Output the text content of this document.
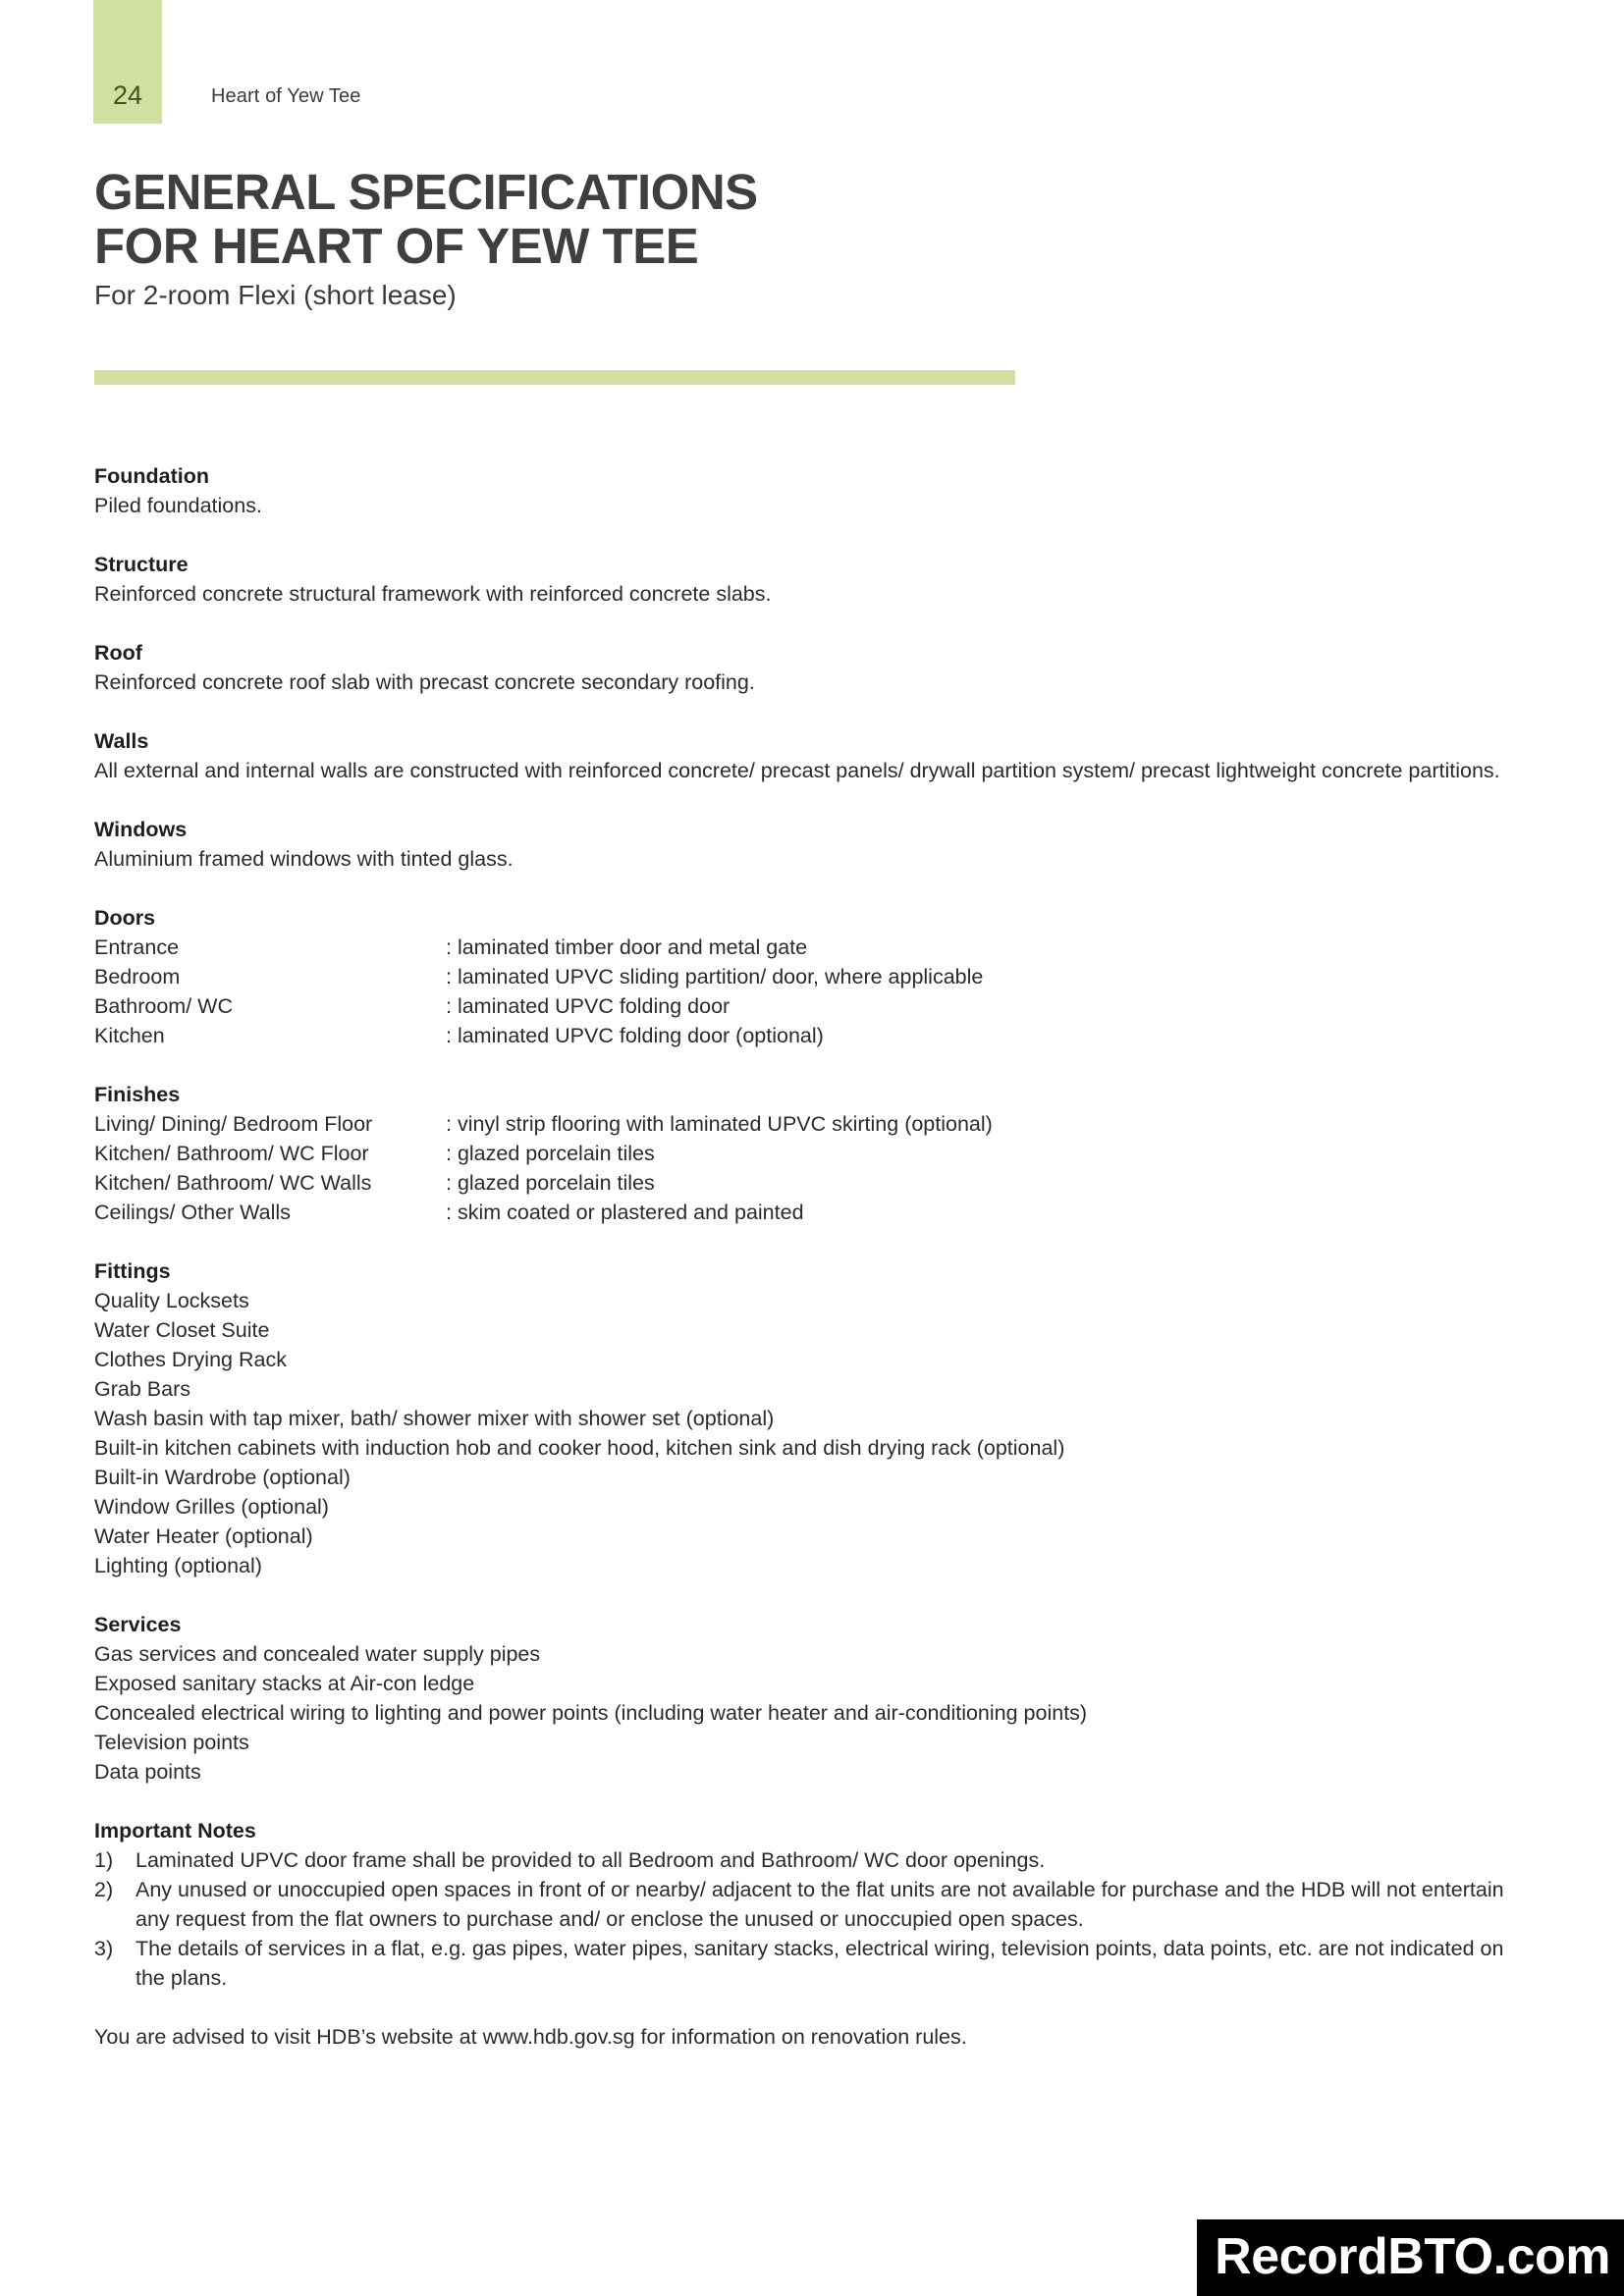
24	Heart of Yew Tee
GENERAL SPECIFICATIONS
FOR HEART OF YEW TEE

For 2-room Flexi (short lease)

Foundation
Piled foundations.
Structure
Reinforced concrete structural framework with reinforced concrete slabs.
Roof
Reinforced concrete roof slab with precast concrete secondary roofing.
Walls
All external and internal walls are constructed with reinforced concrete/ precast panels/ drywall partition system/ precast lightweight concrete partitions.
Windows
Aluminium framed windows with tinted glass.
Doors
Entrance	: laminated timber door and metal gate
Bedroom	: laminated UPVC sliding partition/ door, where applicable
Bathroom/ WC	: laminated UPVC folding door
Kitchen	: laminated UPVC folding door (optional)
Finishes
Living/ Dining/ Bedroom Floor	: vinyl strip flooring with laminated UPVC skirting (optional)
Kitchen/ Bathroom/ WC Floor	: glazed porcelain tiles
Kitchen/ Bathroom/ WC Walls	: glazed porcelain tiles
Ceilings/ Other Walls	: skim coated or plastered and painted
Fittings
Quality Locksets
Water Closet Suite
Clothes Drying Rack
Grab Bars
Wash basin with tap mixer, bath/ shower mixer with shower set (optional)
Built-in kitchen cabinets with induction hob and cooker hood, kitchen sink and dish drying rack (optional)
Built-in Wardrobe (optional)
Window Grilles (optional)
Water Heater (optional)
Lighting (optional)
Services
Gas services and concealed water supply pipes
Exposed sanitary stacks at Air-con ledge
Concealed electrical wiring to lighting and power points (including water heater and air-conditioning points)
Television points
Data points
Important Notes
1)	Laminated UPVC door frame shall be provided to all Bedroom and Bathroom/ WC door openings.
2)	Any unused or unoccupied open spaces in front of or nearby/ adjacent to the flat units are not available for purchase and the HDB will not entertain any request from the flat owners to purchase and/ or enclose the unused or unoccupied open spaces.
3)	The details of services in a flat, e.g. gas pipes, water pipes, sanitary stacks, electrical wiring, television points, data points, etc. are not indicated on the plans.
You are advised to visit HDB’s website at www.hdb.gov.sg for information on renovation rules.
RecordBTO.com
